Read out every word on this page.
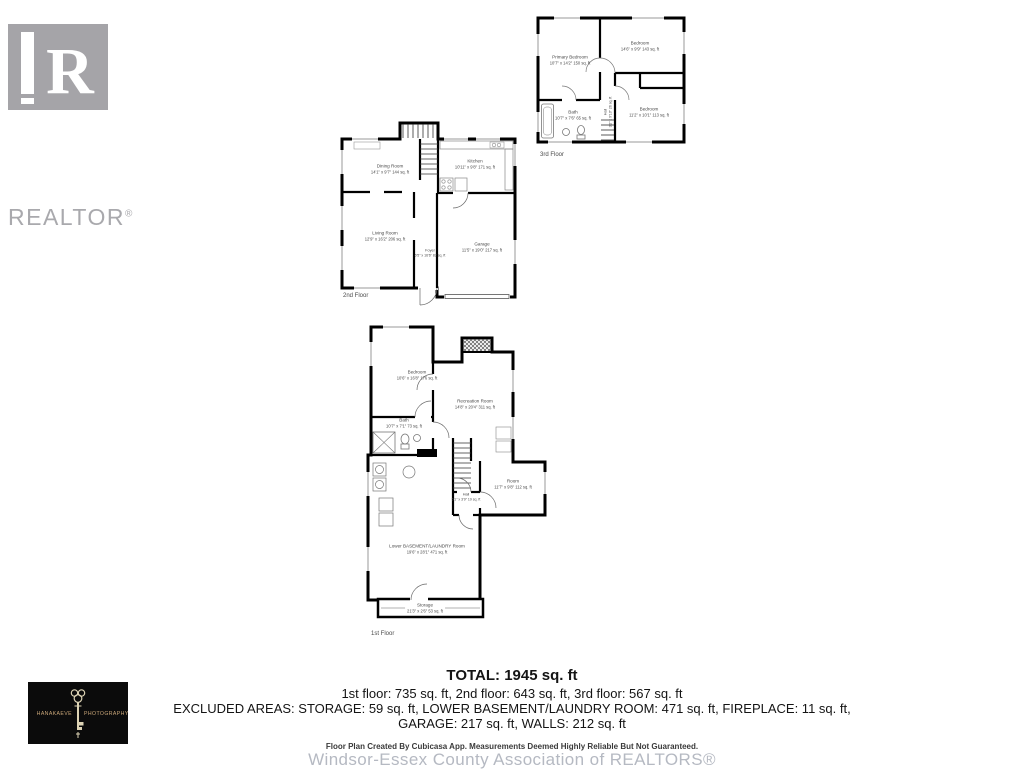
R
REALTOR®
Primary Bedroom
10'7" x 14'2" 150 sq. ft
Bedroom
14'6" x 9'9" 143 sq. ft
Bath
10'7" x 7'6" 65 sq. ft
Hall 3'2" x 9'10" 26 sq. ft	Bedroom
11'2" x 10'1" 113 sq. ft
3rd Floor
Dining Room
14'1" x 9'7" 144 sq. ft
Kitchen
10'11" x 9'8" 171 sq. ft
Living Room
12'9" x 16'2" 206 sq. ft
Foyer
6'5" x 16'6" 82 sq. ft
Garage
11'5" x 19'0" 217 sq. ft
2nd Floor
Bedroom
10'6" x 16'8" 176 sq. ft
Recreation Room
14'8" x 20'4" 311 sq. ft
Bath
10'7" x 7'1" 73 sq. ft
Room
11'7" x 9'8" 112 sq. ft
Hall
5'1" x 3'9" 19 sq. ft
Lower BASEMENT/LAUNDRY Room
19'6" x 28'1" 471 sq. ft
Storage
21'3" x 2'6" 53 sq. ft
1st Floor
TOTAL: 1945 sq. ft
1st floor: 735 sq. ft, 2nd floor: 643 sq. ft, 3rd floor: 567 sq. ft
EXCLUDED AREAS: STORAGE: 59 sq. ft, LOWER BASEMENT/LAUNDRY ROOM: 471 sq. ft, FIREPLACE: 11 sq. ft,
GARAGE: 217 sq. ft, WALLS: 212 sq. ft
Floor Plan Created By Cubicasa App. Measurements Deemed Highly Reliable But Not Guaranteed.
Windsor-Essex County Association of REALTORS®
HANAKAEVE PHOTOGRAPHY
